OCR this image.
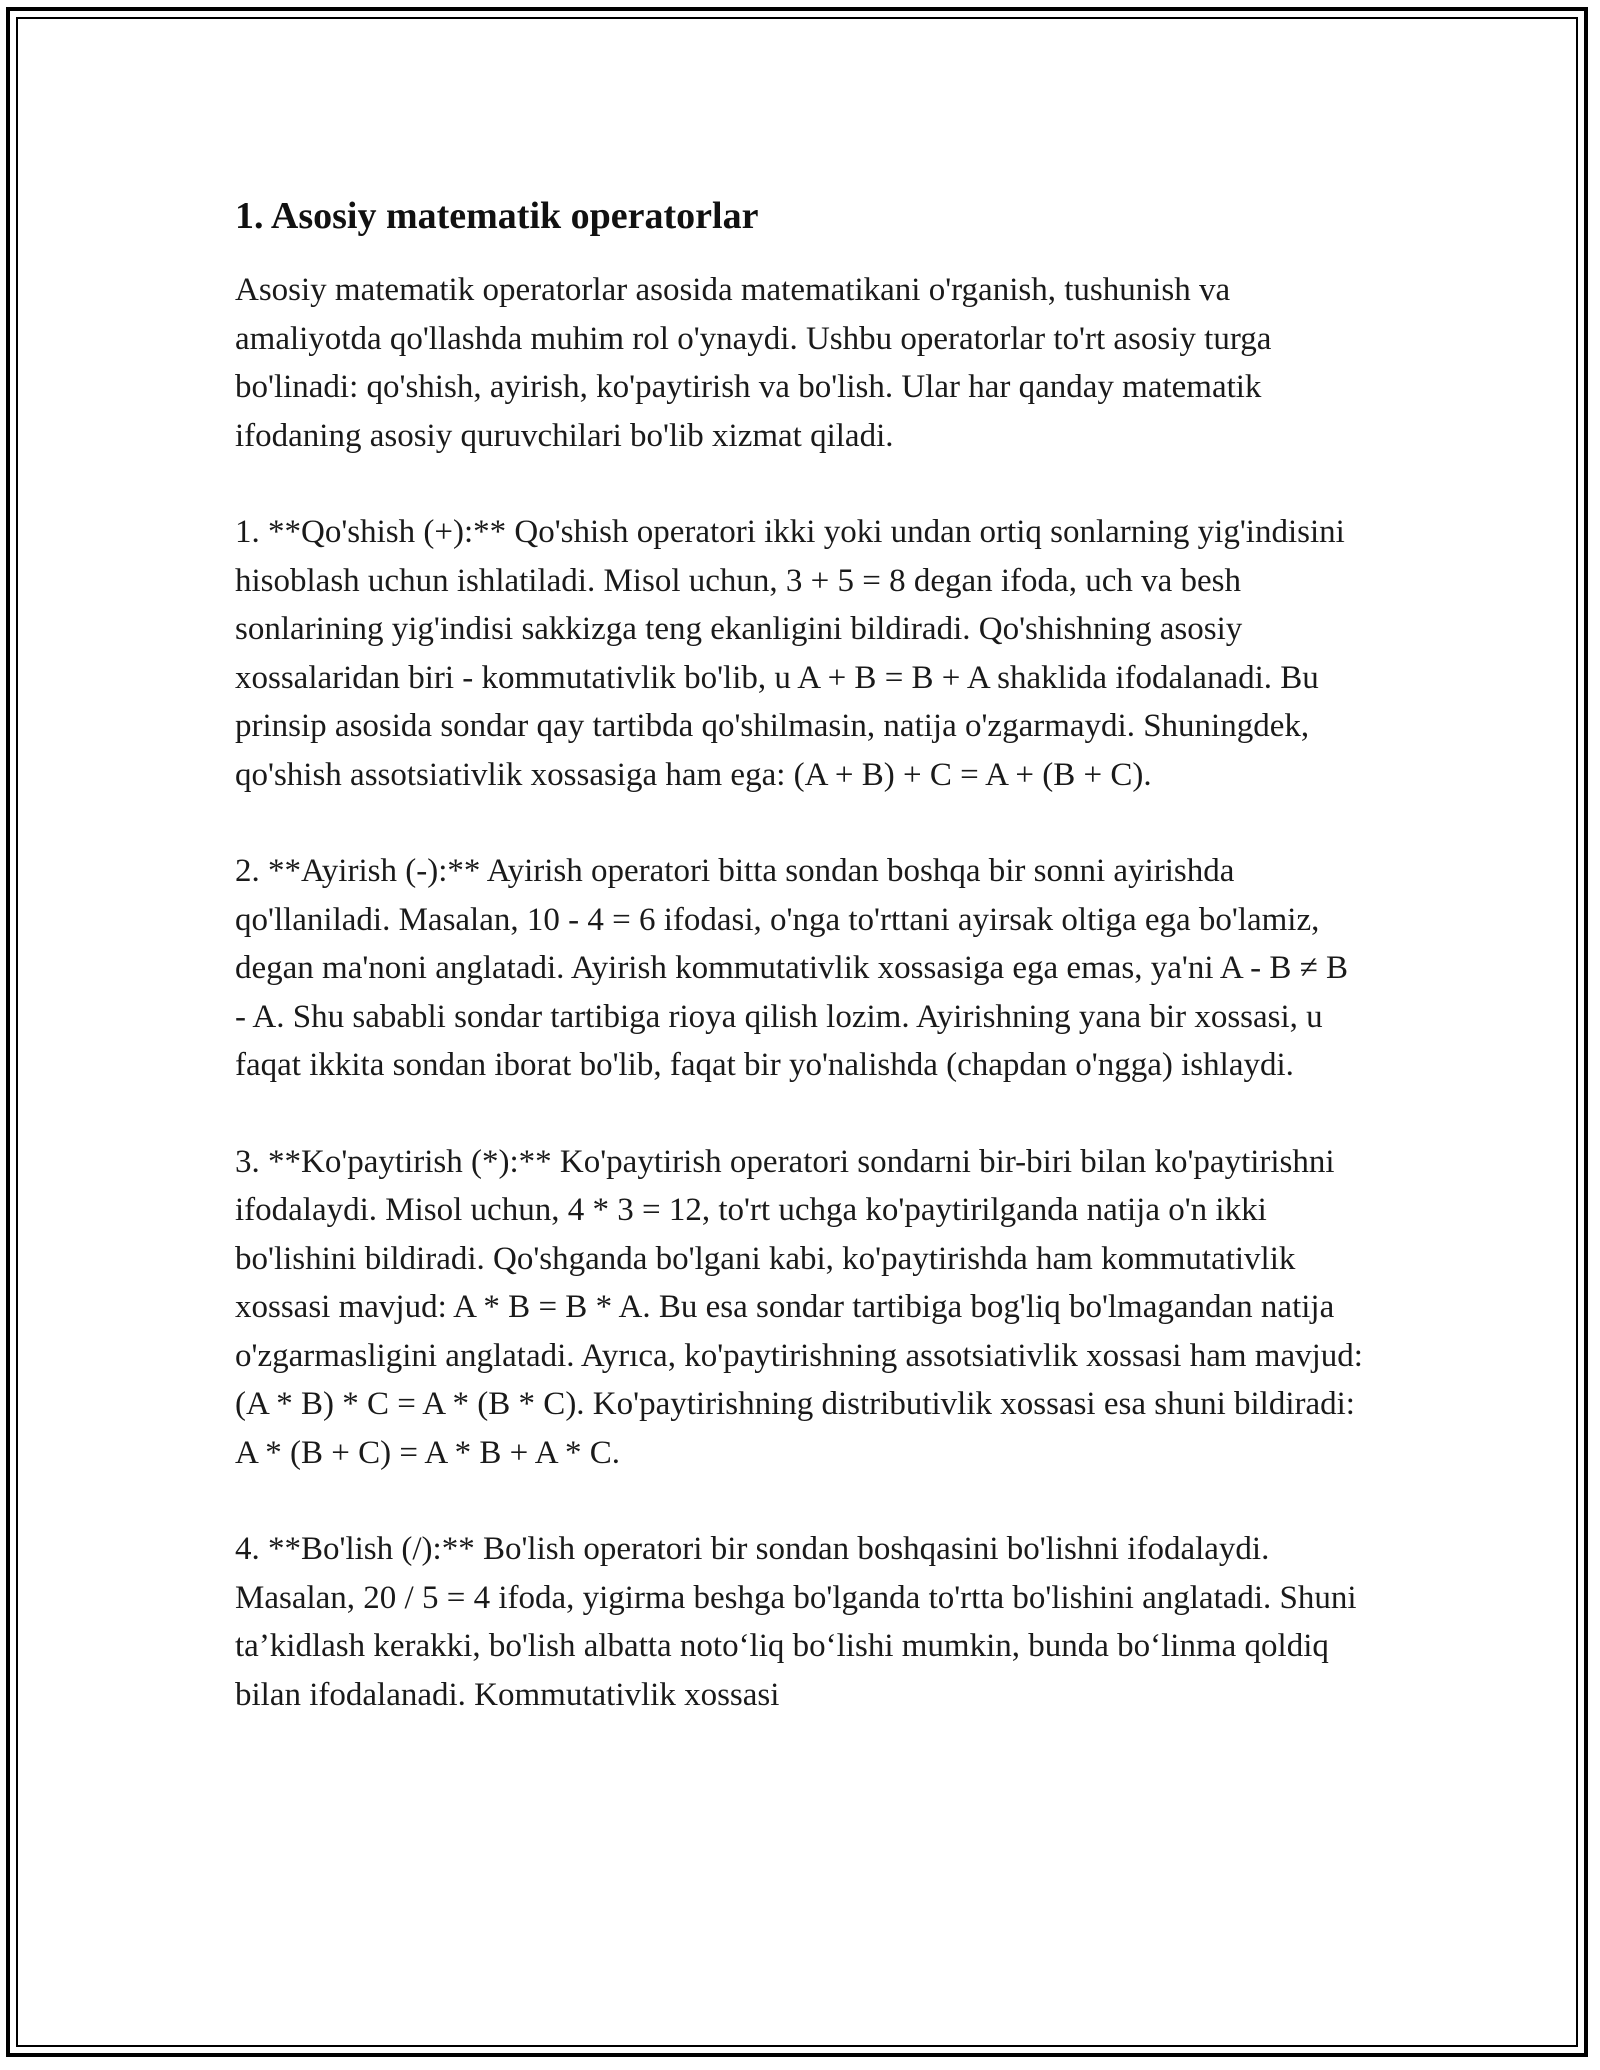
1. Asosiy matematik operatorlar

Asosiy matematik operatorlar asosida matematikani o'rganish, tushunish va amaliyotda qo'llashda muhim rol o'ynaydi. Ushbu operatorlar to'rt asosiy turga bo'linadi: qo'shish, ayirish, ko'paytirish va bo'lish. Ular har qanday matematik ifodaning asosiy quruvchilari bo'lib xizmat qiladi.

1. **Qo'shish (+):** Qo'shish operatori ikki yoki undan ortiq sonlarning yig'indisini hisoblash uchun ishlatiladi. Misol uchun, 3 + 5 = 8 degan ifoda, uch va besh sonlarining yig'indisi sakkizga teng ekanligini bildiradi. Qo'shishning asosiy xossalaridan biri - kommutativlik bo'lib, u A + B = B + A shaklida ifodalanadi. Bu prinsip asosida sondar qay tartibda qo'shilmasin, natija o'zgarmaydi. Shuningdek, qo'shish assotsiativlik xossasiga ham ega: (A + B) + C = A + (B + C).

2. **Ayirish (-):** Ayirish operatori bitta sondan boshqa bir sonni ayirishda qo'llaniladi. Masalan, 10 - 4 = 6 ifodasi, o'nga to'rttani ayirsak oltiga ega bo'lamiz, degan ma'noni anglatadi. Ayirish kommutativlik xossasiga ega emas, ya'ni A - B ≠ B - A. Shu sababli sondar tartibiga rioya qilish lozim. Ayirishning yana bir xossasi, u faqat ikkita sondan iborat bo'lib, faqat bir yo'nalishda (chapdan o'ngga) ishlaydi.

3. **Ko'paytirish (*):** Ko'paytirish operatori sondarni bir-biri bilan ko'paytirishni ifodalaydi. Misol uchun, 4 * 3 = 12, to'rt uchga ko'paytirilganda natija o'n ikki bo'lishini bildiradi. Qo'shganda bo'lgani kabi, ko'paytirishda ham kommutativlik xossasi mavjud: A * B = B * A. Bu esa sondar tartibiga bog'liq bo'lmagandan natija o'zgarmasligini anglatadi. Ayrıca, ko'paytirishning assotsiativlik xossasi ham mavjud: (A * B) * C = A * (B * C). Ko'paytirishning distributivlik xossasi esa shuni bildiradi: A * (B + C) = A * B + A * C.

4. **Bo'lish (/):** Bo'lish operatori bir sondan boshqasini bo'lishni ifodalaydi. Masalan, 20 / 5 = 4 ifoda, yigirma beshga bo'lganda to'rtta bo'lishini anglatadi. Shuni ta’kidlash kerakki, bo'lish albatta noto‘liq bo‘lishi mumkin, bunda bo‘linma qoldiq bilan ifodalanadi. Kommutativlik xossasi
